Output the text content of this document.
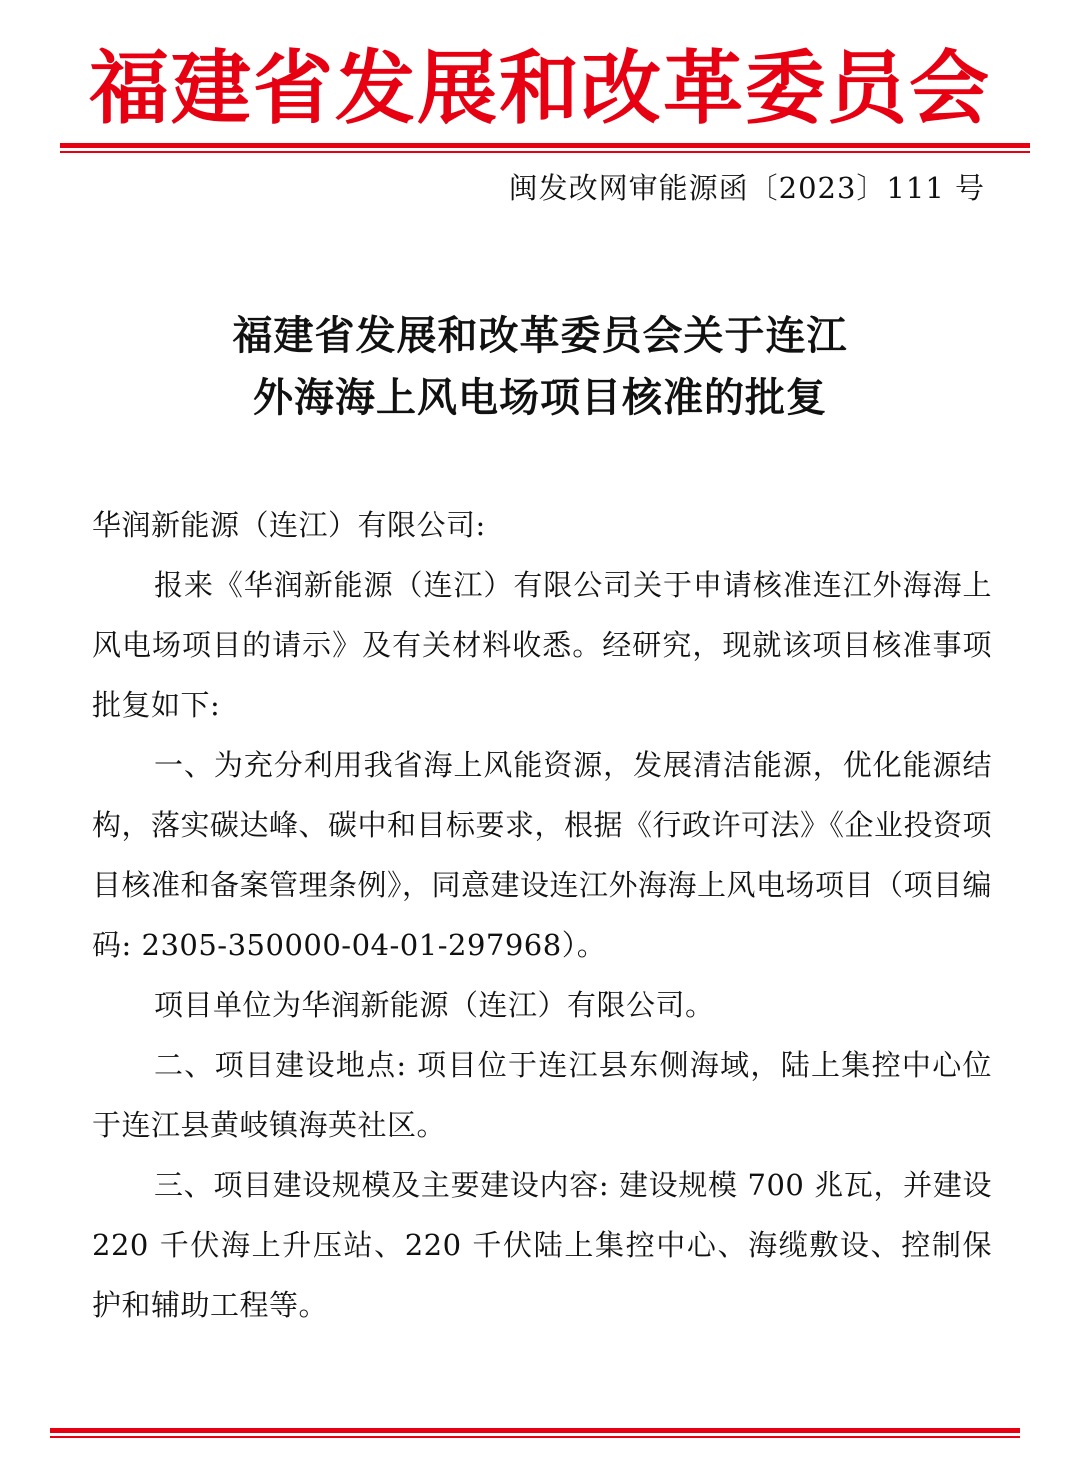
福建省发展和改革委员会
闽发改网审能源函〔2023〕111 号
福建省发展和改革委员会关于连江
外海海上风电场项目核准的批复

华润新能源（连江）有限公司:

报来《华润新能源（连江）有限公司关于申请核准连江外海海上风电场项目的请示》及有关材料收悉。经研究，现就该项目核准事项批复如下:

一、为充分利用我省海上风能资源，发展清洁能源，优化能源结构，落实碳达峰、碳中和目标要求，根据《行政许可法》《企业投资项目核准和备案管理条例》，同意建设连江外海海上风电场项目（项目编码: 2305-350000-04-01-297968）。

项目单位为华润新能源（连江）有限公司。

二、项目建设地点: 项目位于连江县东侧海域，陆上集控中心位于连江县黄岐镇海英社区。

三、项目建设规模及主要建设内容: 建设规模 700 兆瓦，并建设 220 千伏海上升压站、220 千伏陆上集控中心、海缆敷设、控制保护和辅助工程等。
